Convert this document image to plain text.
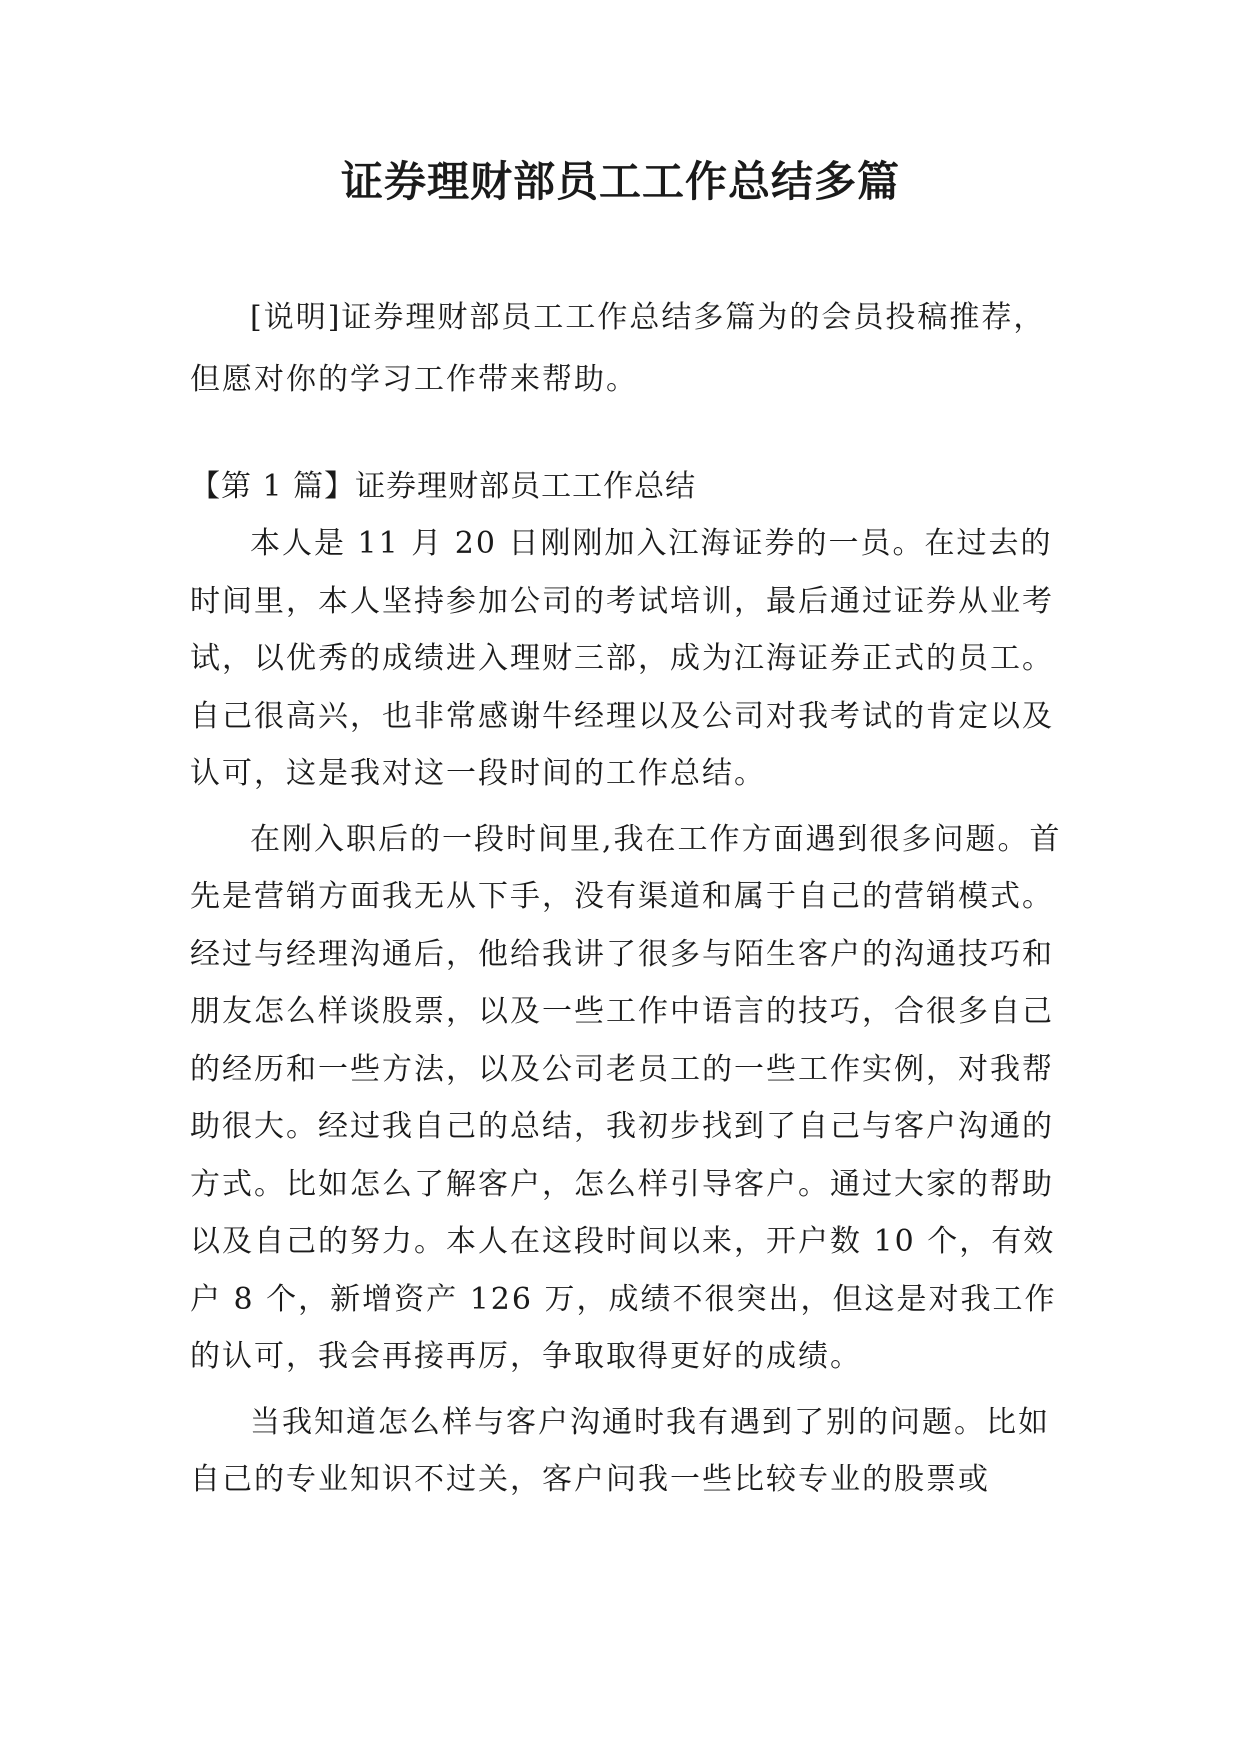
证券理财部员工工作总结多篇

[说明]证券理财部员工工作总结多篇为的会员投稿推荐，但愿对你的学习工作带来帮助。

【第 1 篇】证券理财部员工工作总结

本人是 11 月 20 日刚刚加入江海证券的一员。在过去的时间里，本人坚持参加公司的考试培训，最后通过证券从业考试，以优秀的成绩进入理财三部，成为江海证券正式的员工。自己很高兴，也非常感谢牛经理以及公司对我考试的肯定以及认可，这是我对这一段时间的工作总结。

在刚入职后的一段时间里,我在工作方面遇到很多问题。首先是营销方面我无从下手，没有渠道和属于自己的营销模式。经过与经理沟通后，他给我讲了很多与陌生客户的沟通技巧和朋友怎么样谈股票，以及一些工作中语言的技巧，合很多自己的经历和一些方法，以及公司老员工的一些工作实例，对我帮助很大。经过我自己的总结，我初步找到了自己与客户沟通的方式。比如怎么了解客户，怎么样引导客户。通过大家的帮助以及自己的努力。本人在这段时间以来，开户数 10 个，有效户 8 个，新增资产 126 万，成绩不很突出，但这是对我工作的认可，我会再接再厉，争取取得更好的成绩。

当我知道怎么样与客户沟通时我有遇到了别的问题。比如自己的专业知识不过关，客户问我一些比较专业的股票或
